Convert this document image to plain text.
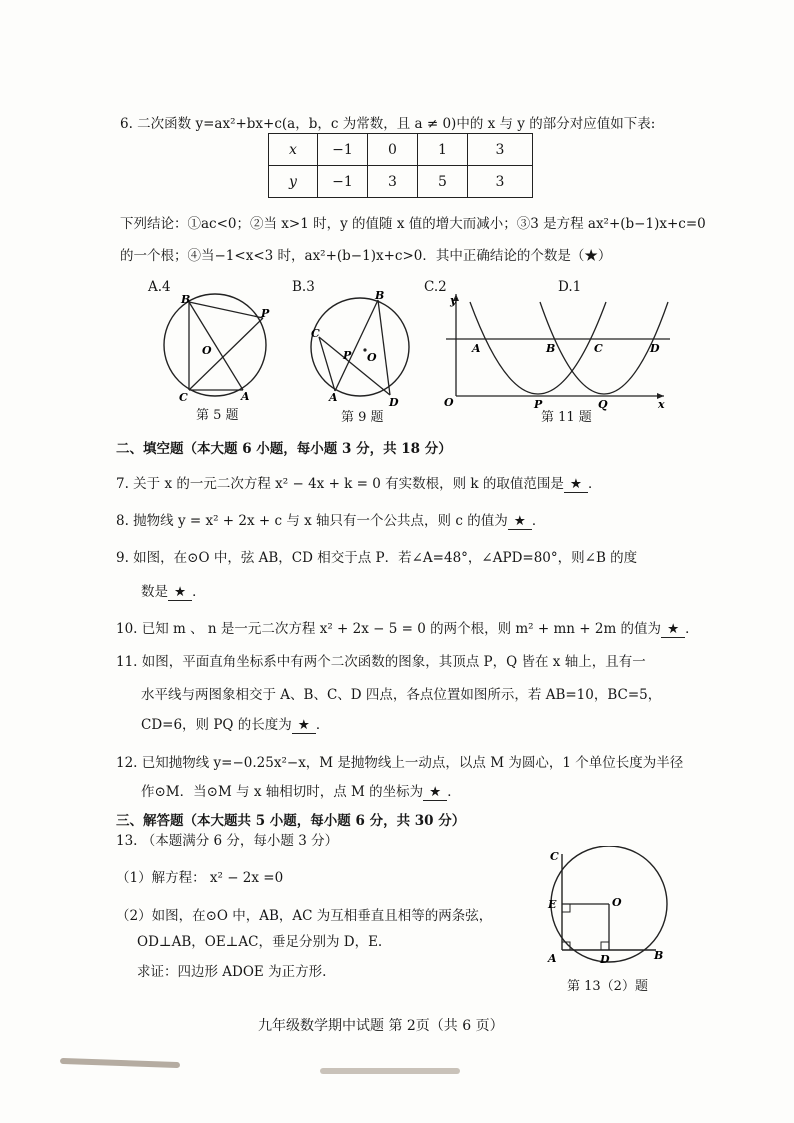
6. 二次函数 y=ax²+bx+c(a，b，c 为常数，且 a ≠ 0)中的 x 与 y 的部分对应值如下表:
x	−1	0	1	3
y	−1	3	5	3
下列结论：①ac<0；②当 x>1 时，y 的值随 x 值的增大而减小；③3 是方程 ax²+(b−1)x+c=0
的一个根；④当−1<x<3 时，ax²+(b−1)x+c>0．其中正确结论的个数是（★）
A.4	B.3	C.2	D.1
B
P
O
C	A
第 5 题
B
C
P O
A	D
第 9 题
y
A	B	C	D
O	P	Q	x
第 11 题
二、填空题（本大题 6 小题，每小题 3 分，共 18 分）
7. 关于 x 的一元二次方程 x² − 4x + k = 0 有实数根，则 k 的取值范围是 ★ ．
8. 抛物线 y = x² + 2x + c 与 x 轴只有一个公共点，则 c 的值为 ★ ．
9. 如图，在⊙O 中，弦 AB，CD 相交于点 P．若∠A=48°，∠APD=80°，则∠B 的度
数是 ★ ．
10. 已知 m 、 n 是一元二次方程 x² + 2x − 5 = 0 的两个根，则 m² + mn + 2m 的值为 ★ ．
11. 如图，平面直角坐标系中有两个二次函数的图象，其顶点 P，Q 皆在 x 轴上，且有一
水平线与两图象相交于 A、B、C、D 四点，各点位置如图所示，若 AB=10，BC=5，
CD=6，则 PQ 的长度为 ★ ．
12. 已知抛物线 y=−0.25x²−x，M 是抛物线上一动点，以点 M 为圆心，1 个单位长度为半径
作⊙M．当⊙M 与 x 轴相切时，点 M 的坐标为 ★ ．
三、解答题（本大题共 5 小题，每小题 6 分，共 30 分）
13. （本题满分 6 分，每小题 3 分）
（1）解方程： x² − 2x =0
（2）如图，在⊙O 中，AB，AC 为互相垂直且相等的两条弦，
OD⊥AB，OE⊥AC，垂足分别为 D，E.
求证：四边形 ADOE 为正方形.
C
E	O
A	D	B
第 13（2）题
九年级数学期中试题 第 2页（共 6 页）
